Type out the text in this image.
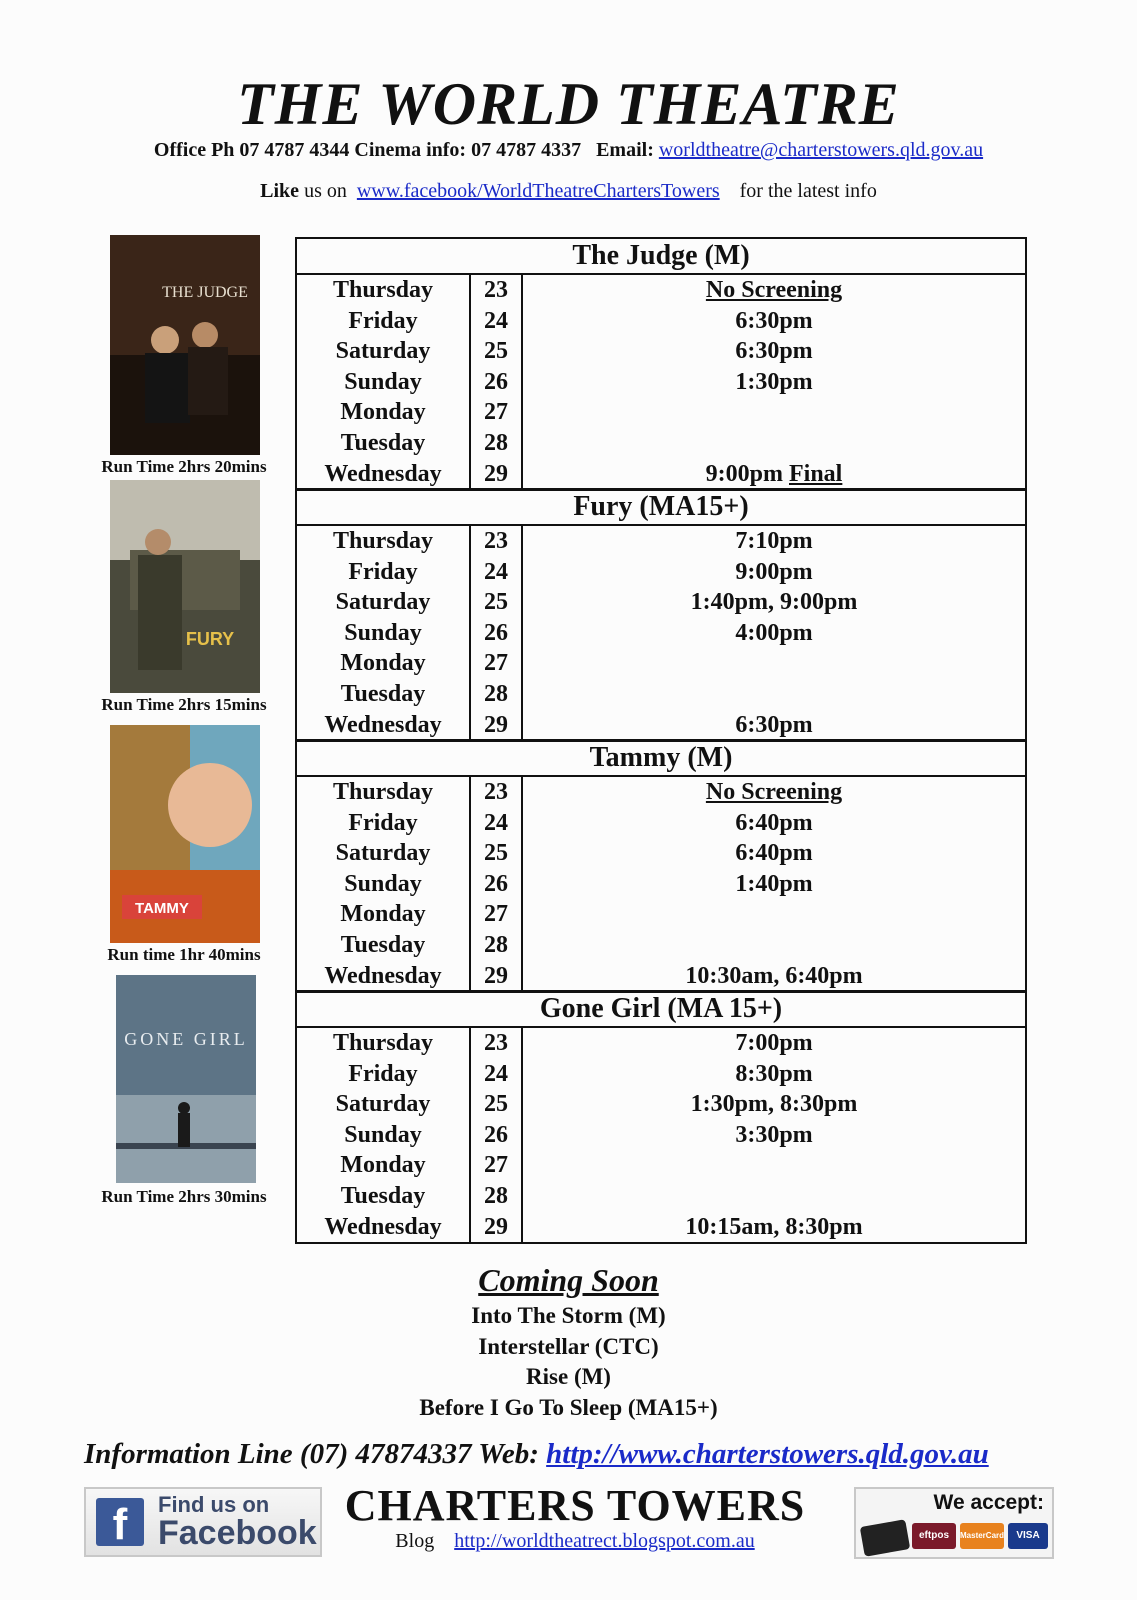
THE WORLD THEATRE
Office Ph 07 4787 4344 Cinema info: 07 4787 4337 Email: worldtheatre@charterstowers.qld.gov.au
Like us on  www.facebook/WorldTheatreChartersTowers for the latest info
THE JUDGE
Run Time 2hrs 20mins
FURY
Run Time 2hrs 15mins
TAMMY
Run time 1hr 40mins
GONE GIRL
Run Time 2hrs 30mins
The Judge (M)
Thursday	23	No Screening
Friday	24	6:30pm
Saturday	25	6:30pm
Sunday	26	1:30pm
Monday	27
Tuesday	28
Wednesday	29	9:00pm Final
Fury (MA15+)
Thursday	23	7:10pm
Friday	24	9:00pm
Saturday	25	1:40pm, 9:00pm
Sunday	26	4:00pm
Monday	27
Tuesday	28
Wednesday	29	6:30pm
Tammy (M)
Thursday	23	No Screening
Friday	24	6:40pm
Saturday	25	6:40pm
Sunday	26	1:40pm
Monday	27
Tuesday	28
Wednesday	29	10:30am, 6:40pm
Gone Girl (MA 15+)
Thursday	23	7:00pm
Friday	24	8:30pm
Saturday	25	1:30pm, 8:30pm
Sunday	26	3:30pm
Monday	27
Tuesday	28
Wednesday	29	10:15am, 8:30pm
Coming Soon
Into The Storm (M)
Interstellar (CTC)
Rise (M)
Before I Go To Sleep (MA15+)
Information Line (07) 47874337 Web: http://www.charterstowers.qld.gov.au
f	Find us on
Facebook
CHARTERS TOWERS
Blog http://worldtheatrect.blogspot.com.au
We accept:
eftpos	MasterCard	VISA
